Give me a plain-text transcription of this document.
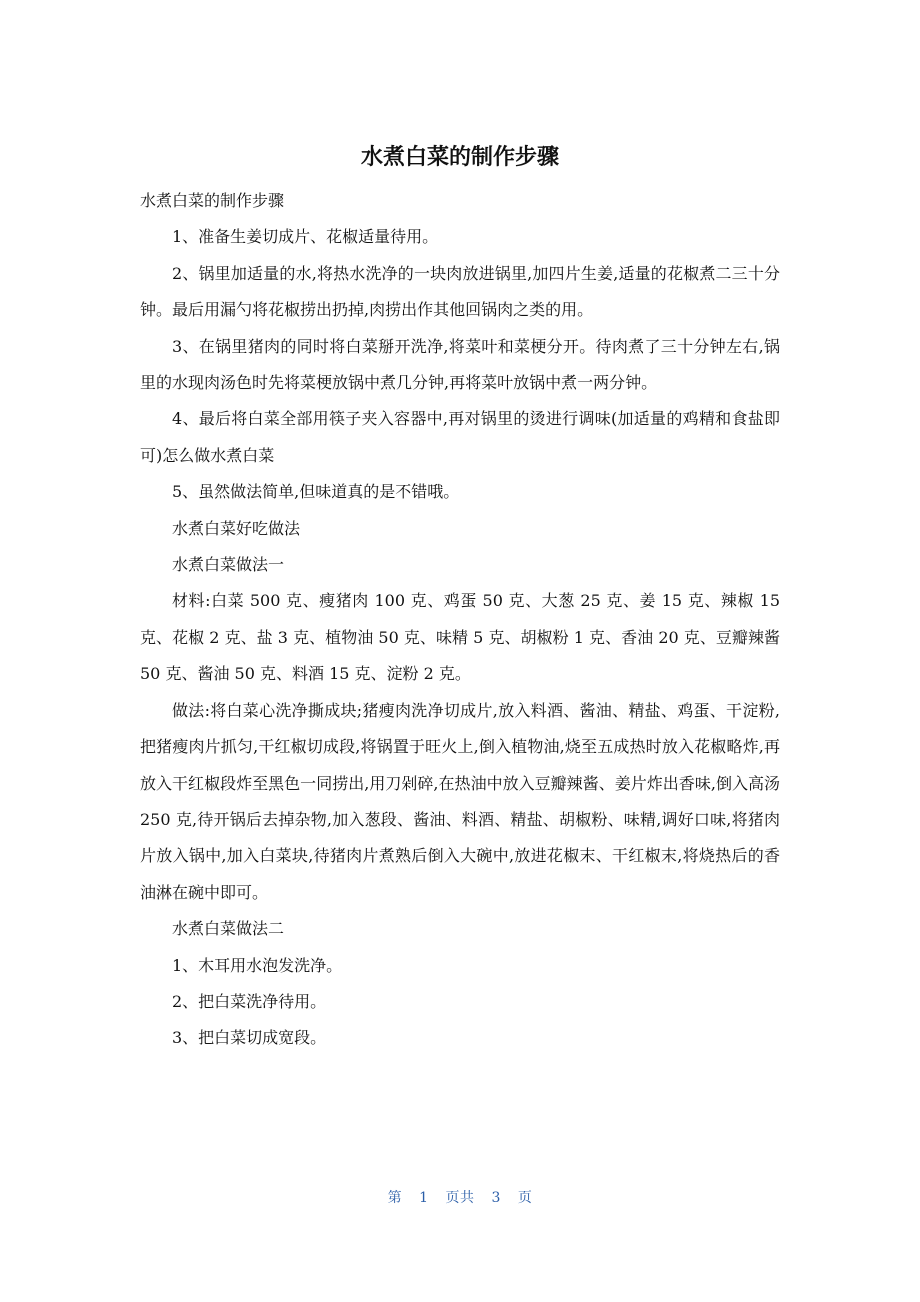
水煮白菜的制作步骤

水煮白菜的制作步骤

1、准备生姜切成片、花椒适量待用。

2、锅里加适量的水,将热水洗净的一块肉放进锅里,加四片生姜,适量的花椒煮二三十分钟。最后用漏勺将花椒捞出扔掉,肉捞出作其他回锅肉之类的用。

3、在锅里猪肉的同时将白菜掰开洗净,将菜叶和菜梗分开。待肉煮了三十分钟左右,锅里的水现肉汤色时先将菜梗放锅中煮几分钟,再将菜叶放锅中煮一两分钟。

4、最后将白菜全部用筷子夹入容器中,再对锅里的烫进行调味(加适量的鸡精和食盐即可)怎么做水煮白菜

5、虽然做法简单,但味道真的是不错哦。

水煮白菜好吃做法

水煮白菜做法一

材料:白菜 500 克、瘦猪肉 100 克、鸡蛋 50 克、大葱 25 克、姜 15 克、辣椒 15 克、花椒 2 克、盐 3 克、植物油 50 克、味精 5 克、胡椒粉 1 克、香油 20 克、豆瓣辣酱 50 克、酱油 50 克、料酒 15 克、淀粉 2 克。

做法:将白菜心洗净撕成块;猪瘦肉洗净切成片,放入料酒、酱油、精盐、鸡蛋、干淀粉,把猪瘦肉片抓匀,干红椒切成段,将锅置于旺火上,倒入植物油,烧至五成热时放入花椒略炸,再放入干红椒段炸至黑色一同捞出,用刀剁碎,在热油中放入豆瓣辣酱、姜片炸出香味,倒入高汤 250 克,待开锅后去掉杂物,加入葱段、酱油、料酒、精盐、胡椒粉、味精,调好口味,将猪肉片放入锅中,加入白菜块,待猪肉片煮熟后倒入大碗中,放进花椒末、干红椒末,将烧热后的香油淋在碗中即可。

水煮白菜做法二

1、木耳用水泡发洗净。

2、把白菜洗净待用。

3、把白菜切成宽段。

第 1 页共 3 页
